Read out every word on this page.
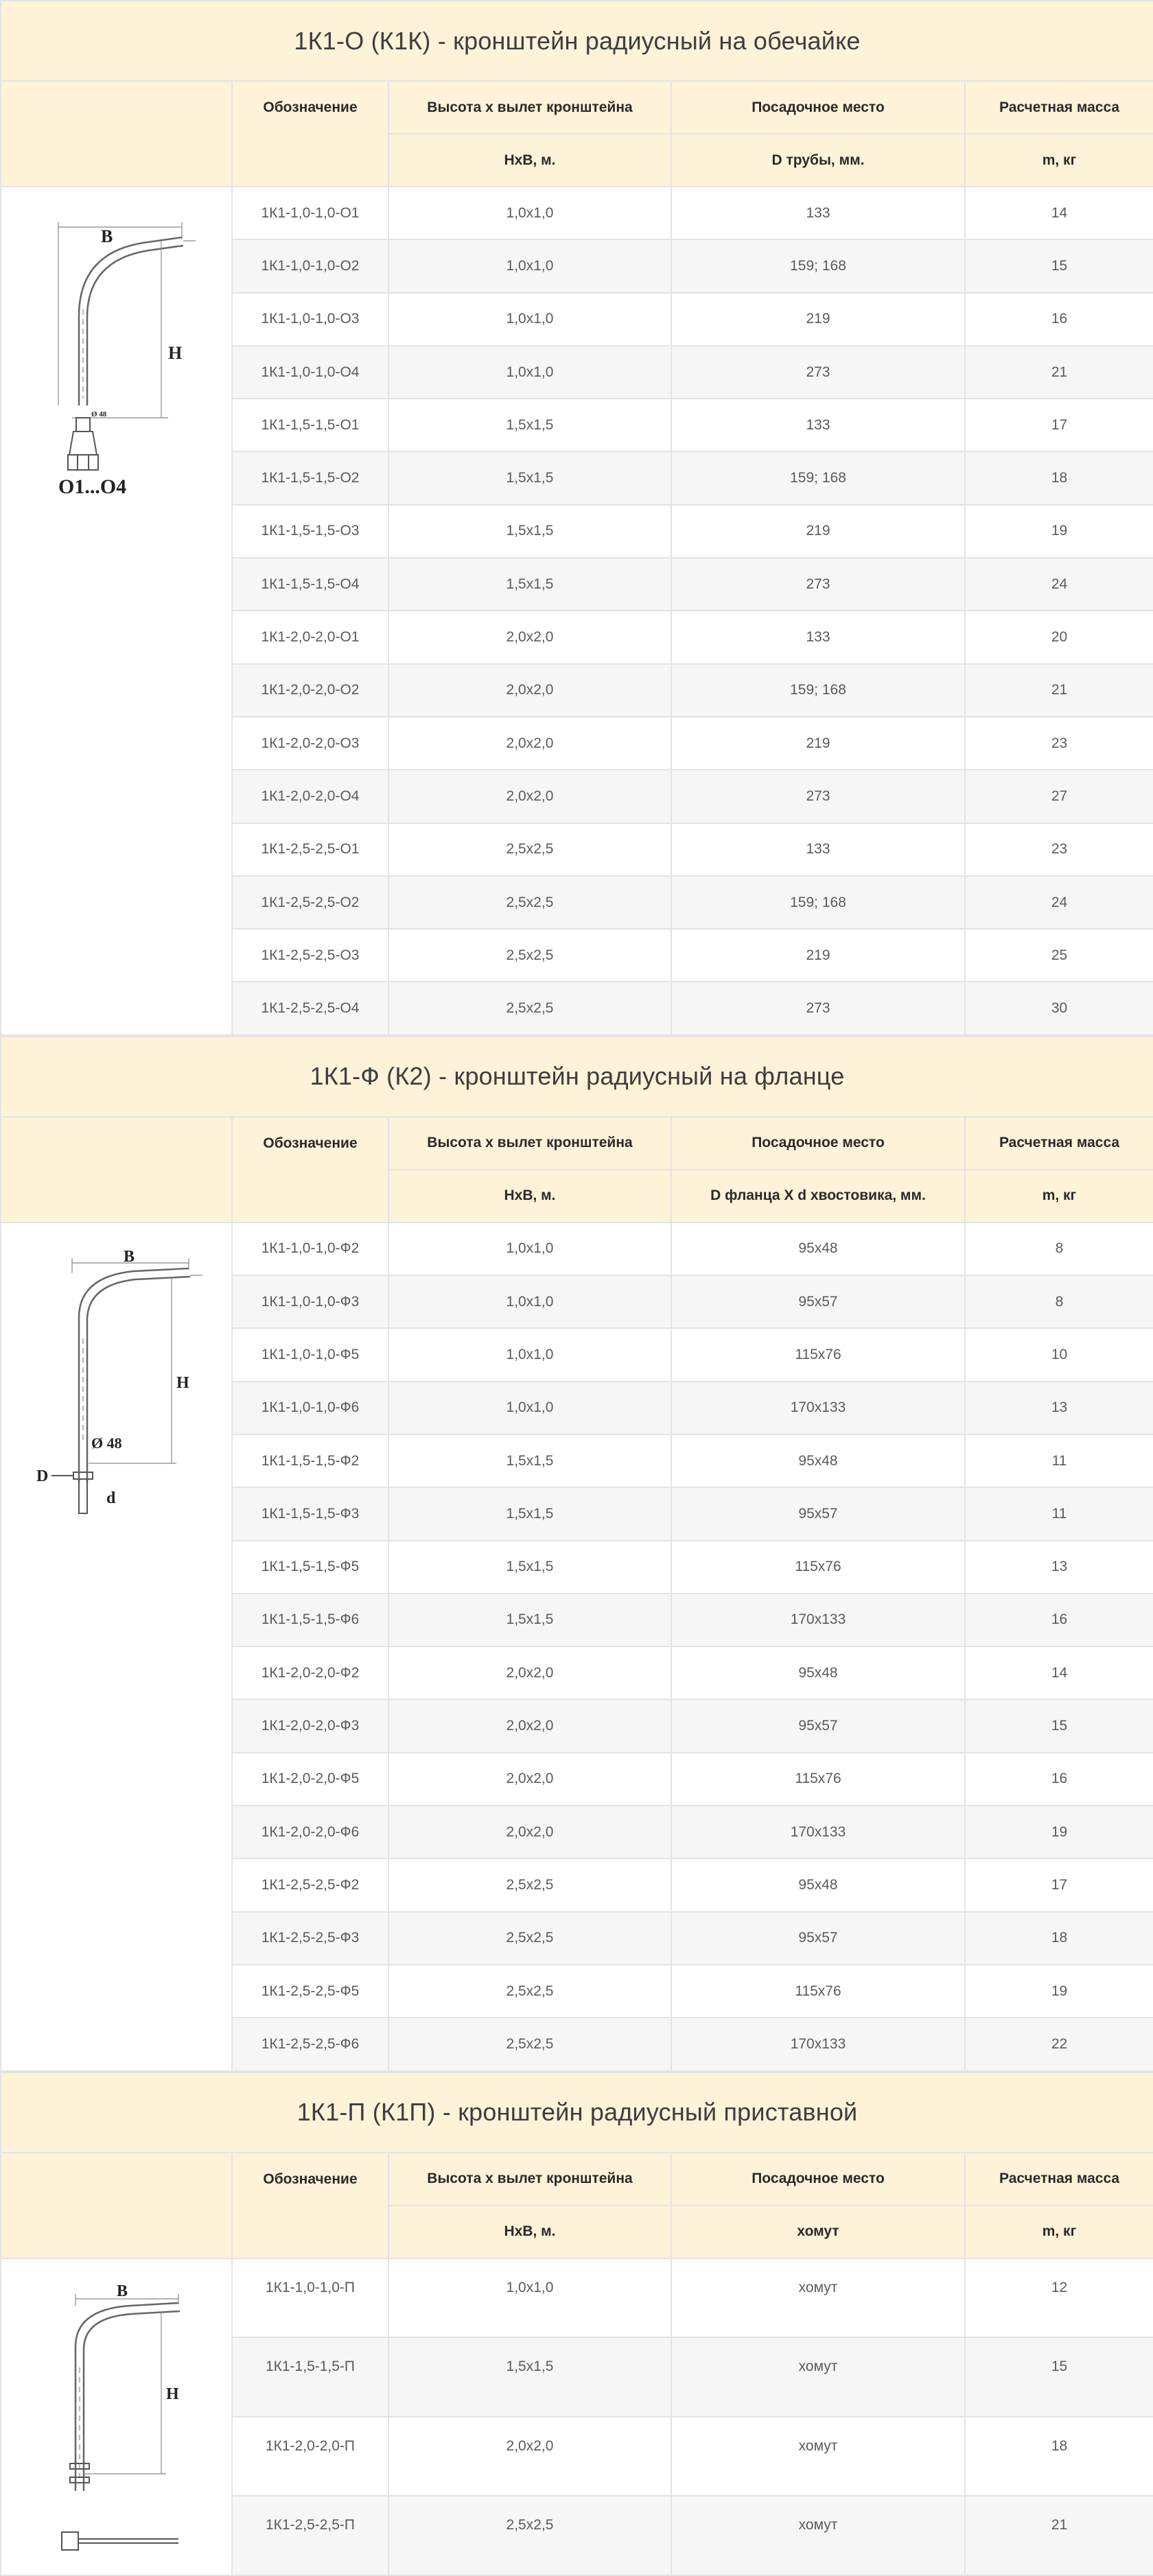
1К1-О (К1К) - кронштейн радиусный на обечайке				
	Обозначение	Высота х вылет кронштейна	Посадочное место	Расчетная масса
		НхВ, м.	D трубы, мм.	m, кг

B
H
Ø 48
O1...O4	1К1-1,0-1,0-О1	1,0х1,0	133	14
	1К1-1,0-1,0-О2	1,0х1,0	159; 168	15
	1К1-1,0-1,0-О3	1,0х1,0	219	16
	1К1-1,0-1,0-О4	1,0х1,0	273	21
	1К1-1,5-1,5-О1	1,5х1,5	133	17
	1К1-1,5-1,5-О2	1,5х1,5	159; 168	18
	1К1-1,5-1,5-О3	1,5х1,5	219	19
	1К1-1,5-1,5-О4	1,5х1,5	273	24
	1К1-2,0-2,0-О1	2,0х2,0	133	20
	1К1-2,0-2,0-О2	2,0х2,0	159; 168	21
	1К1-2,0-2,0-О3	2,0х2,0	219	23
	1К1-2,0-2,0-О4	2,0х2,0	273	27
	1К1-2,5-2,5-О1	2,5х2,5	133	23
	1К1-2,5-2,5-О2	2,5х2,5	159; 168	24
	1К1-2,5-2,5-О3	2,5х2,5	219	25
	1К1-2,5-2,5-О4	2,5х2,5	273	30
1К1-Ф (К2) - кронштейн радиусный на фланце				
	Обозначение	Высота х вылет кронштейна	Посадочное место	Расчетная масса
		НхВ, м.	D фланца X d хвостовика, мм.	m, кг

B
H
Ø 48
D
d	1К1-1,0-1,0-Ф2	1,0х1,0	95х48	8
	1К1-1,0-1,0-Ф3	1,0х1,0	95х57	8
	1К1-1,0-1,0-Ф5	1,0х1,0	115х76	10
	1К1-1,0-1,0-Ф6	1,0х1,0	170х133	13
	1К1-1,5-1,5-Ф2	1,5х1,5	95х48	11
	1К1-1,5-1,5-Ф3	1,5х1,5	95х57	11
	1К1-1,5-1,5-Ф5	1,5х1,5	115х76	13
	1К1-1,5-1,5-Ф6	1,5х1,5	170х133	16
	1К1-2,0-2,0-Ф2	2,0х2,0	95х48	14
	1К1-2,0-2,0-Ф3	2,0х2,0	95х57	15
	1К1-2,0-2,0-Ф5	2,0х2,0	115х76	16
	1К1-2,0-2,0-Ф6	2,0х2,0	170х133	19
	1К1-2,5-2,5-Ф2	2,5х2,5	95х48	17
	1К1-2,5-2,5-Ф3	2,5х2,5	95х57	18
	1К1-2,5-2,5-Ф5	2,5х2,5	115х76	19
	1К1-2,5-2,5-Ф6	2,5х2,5	170х133	22
1К1-П (К1П) - кронштейн радиусный приставной				
	Обозначение	Высота х вылет кронштейна	Посадочное место	Расчетная масса
		НхВ, м.	хомут	m, кг

B
H	1К1-1,0-1,0-П	1,0х1,0	хомут	12
	1К1-1,5-1,5-П	1,5х1,5	хомут	15
	1К1-2,0-2,0-П	2,0х2,0	хомут	18
	1К1-2,5-2,5-П	2,5х2,5	хомут	21
